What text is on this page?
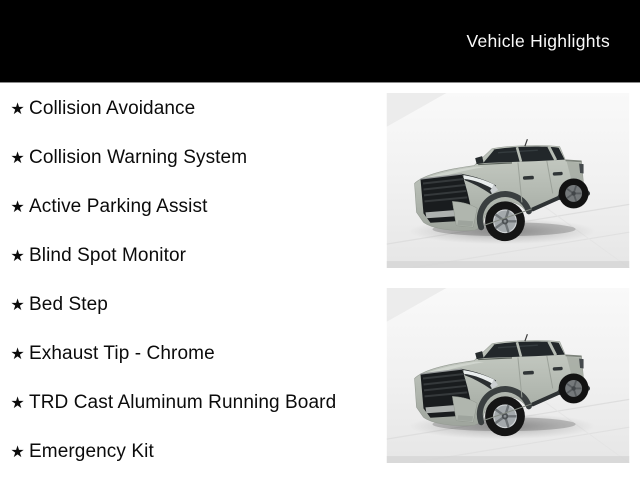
Vehicle Highlights
★ Collision Avoidance
★ Collision Warning System
★ Active Parking Assist
★ Blind Spot Monitor
★ Bed Step
★ Exhaust Tip - Chrome
★ TRD Cast Aluminum Running Board
★ Emergency Kit
